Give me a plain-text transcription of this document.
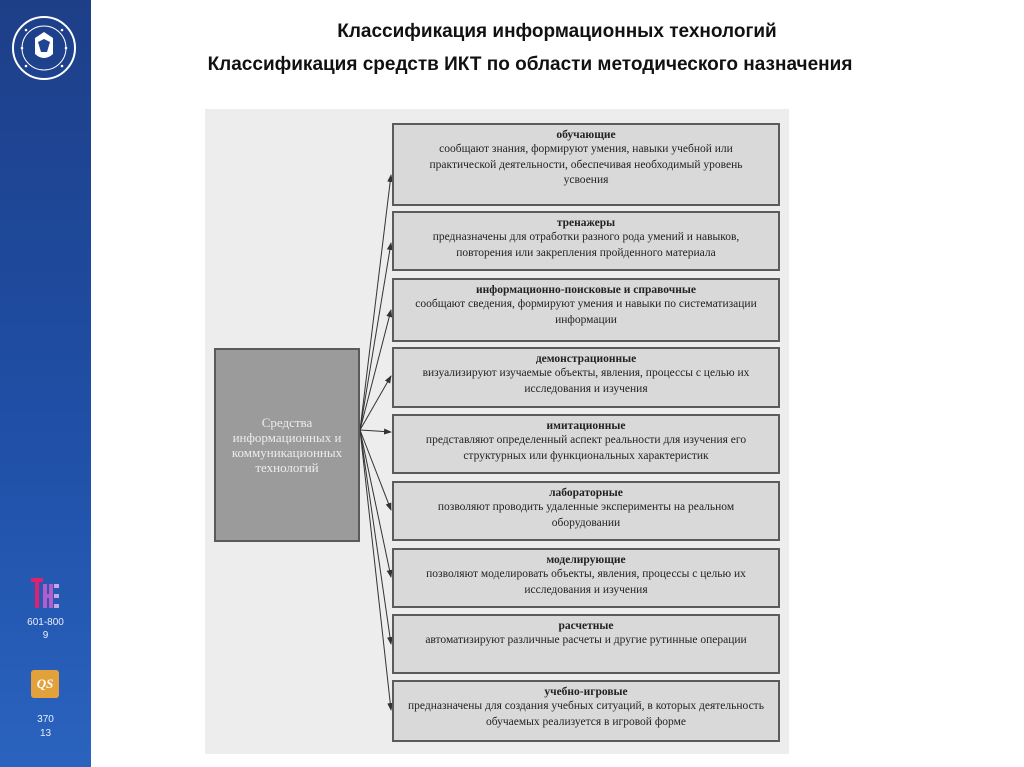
601-800
9
QS
370
13
Классификация информационных технологий
Классификация средств ИКТ по области методического назначения
Средства информационных и коммуникационных технологий
обучающие
сообщают знания, формируют умения, навыки учебной или практической деятельности, обеспечивая необходимый уровень усвоения
тренажеры
предназначены для отработки разного рода умений и навыков, повторения или закрепления пройденного материала
информационно-поисковые и справочные
сообщают сведения, формируют умения и навыки по систематизации информации
демонстрационные
визуализируют изучаемые объекты, явления, процессы с целью их исследования и изучения
имитационные
представляют определенный аспект реальности для изучения его структурных или функциональных характеристик
лабораторные
позволяют проводить удаленные эксперименты на реальном оборудовании
моделирующие
позволяют моделировать объекты, явления, процессы с целью их исследования и изучения
расчетные
автоматизируют различные расчеты и другие рутинные операции
учебно-игровые
предназначены для создания учебных ситуаций, в которых деятельность обучаемых реализуется в игровой форме
